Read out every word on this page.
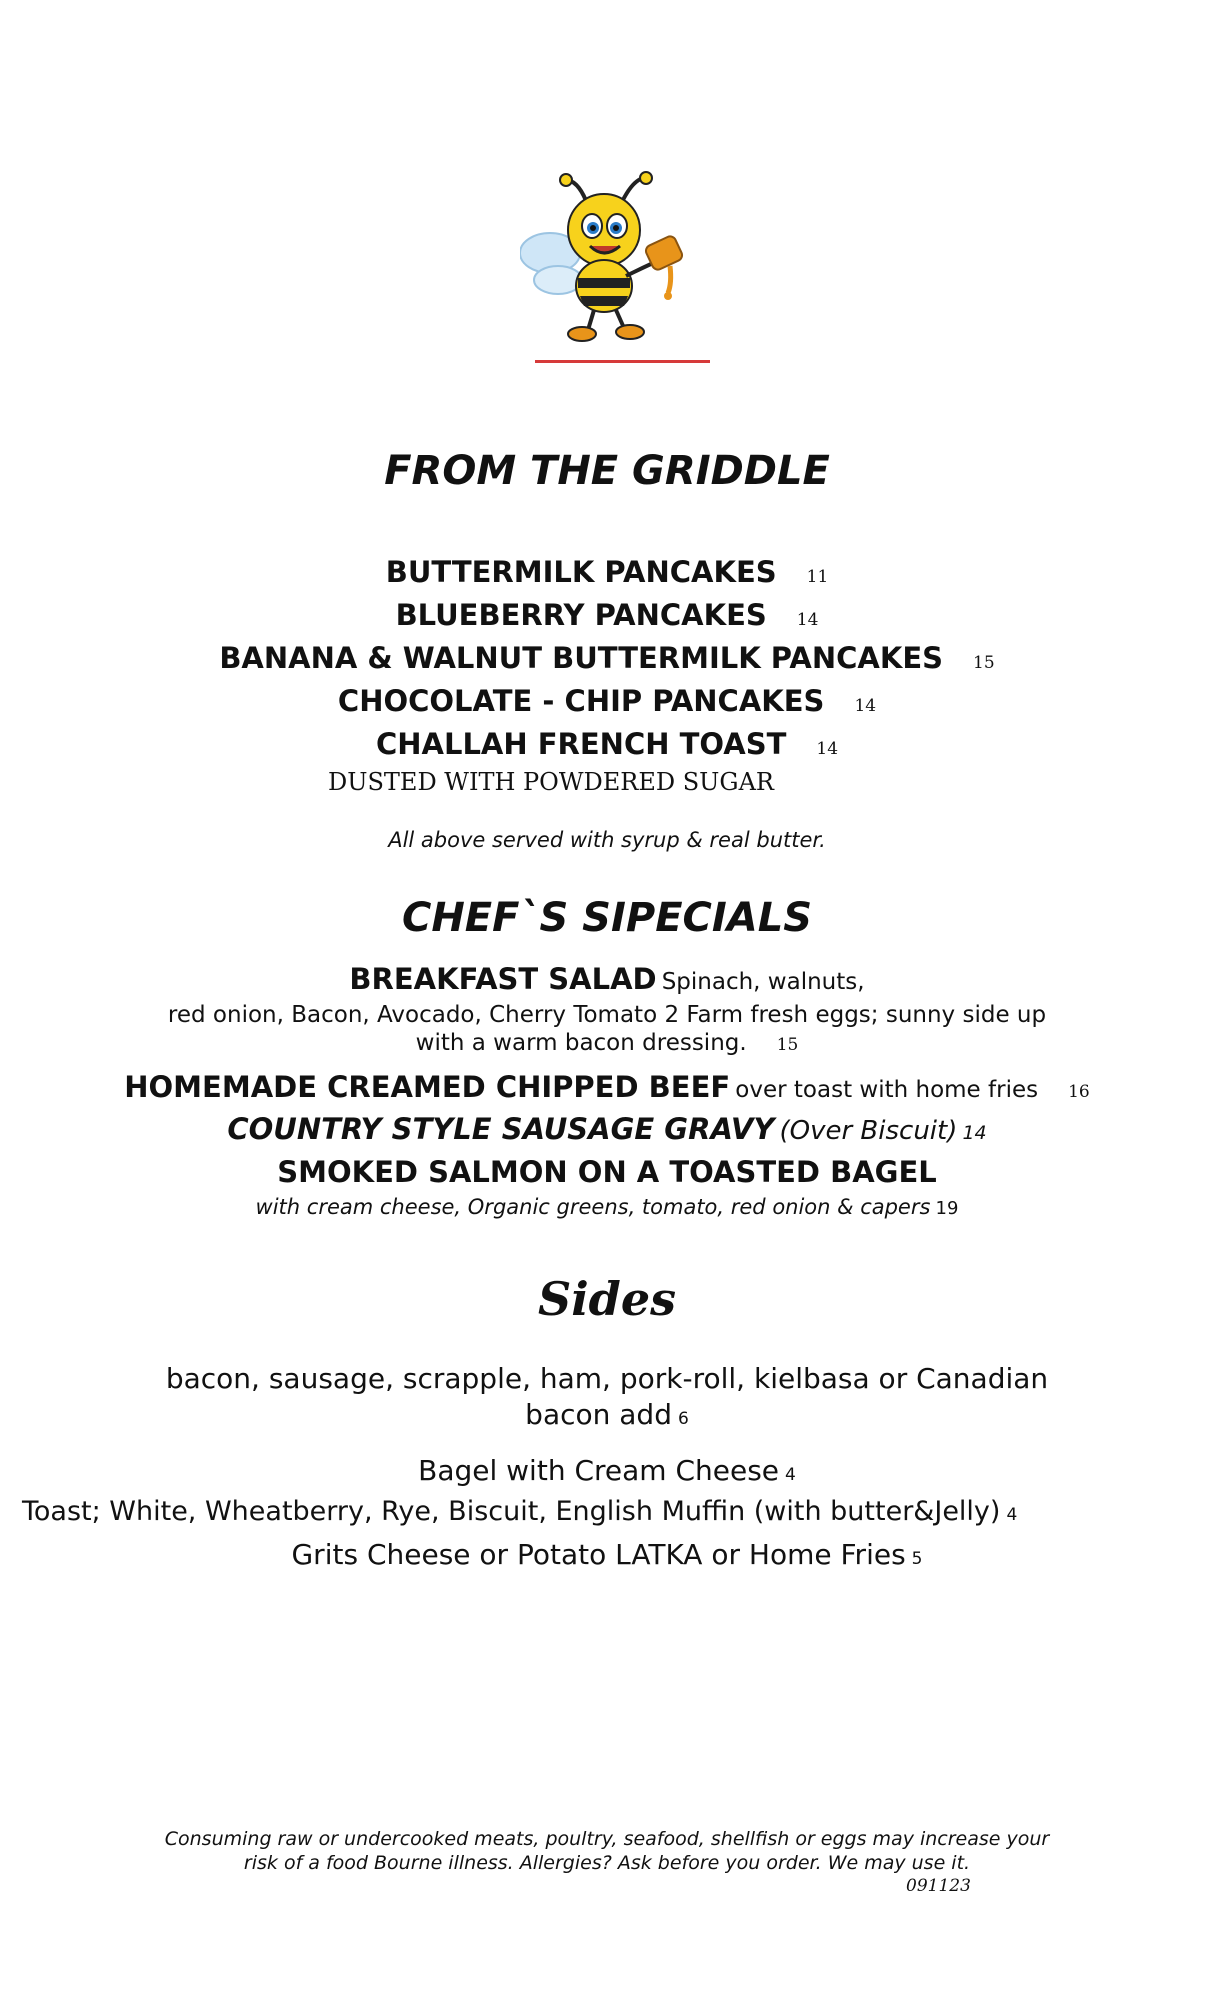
FROM THE GRIDDLE
BUTTERMILK PANCAKES 11
BLUEBERRY PANCAKES 14
BANANA & WALNUT BUTTERMILK PANCAKES 15
CHOCOLATE - CHIP PANCAKES 14
CHALLAH FRENCH TOAST 14
DUSTED WITH POWDERED SUGAR
All above served with syrup & real butter.
CHEF`S SIPECIALS
BREAKFAST SALAD Spinach, walnuts,
red onion, Bacon, Avocado, Cherry Tomato 2 Farm fresh eggs; sunny side up
with a warm bacon dressing. 15
HOMEMADE CREAMED CHIPPED BEEF over toast with home fries 16
COUNTRY STYLE SAUSAGE GRAVY (Over Biscuit) 14
SMOKED SALMON ON A TOASTED BAGEL
with cream cheese, Organic greens, tomato, red onion & capers 19
Sides
bacon, sausage, scrapple, ham, pork-roll, kielbasa or Canadian
bacon add 6
Bagel with Cream Cheese 4
Toast; White, Wheatberry, Rye, Biscuit, English Muffin (with butter&Jelly) 4
Grits Cheese or Potato LATKA or Home Fries 5
Consuming raw or undercooked meats, poultry, seafood, shellfish or eggs may increase your
risk of a food Bourne illness. Allergies? Ask before you order. We may use it.
091123
